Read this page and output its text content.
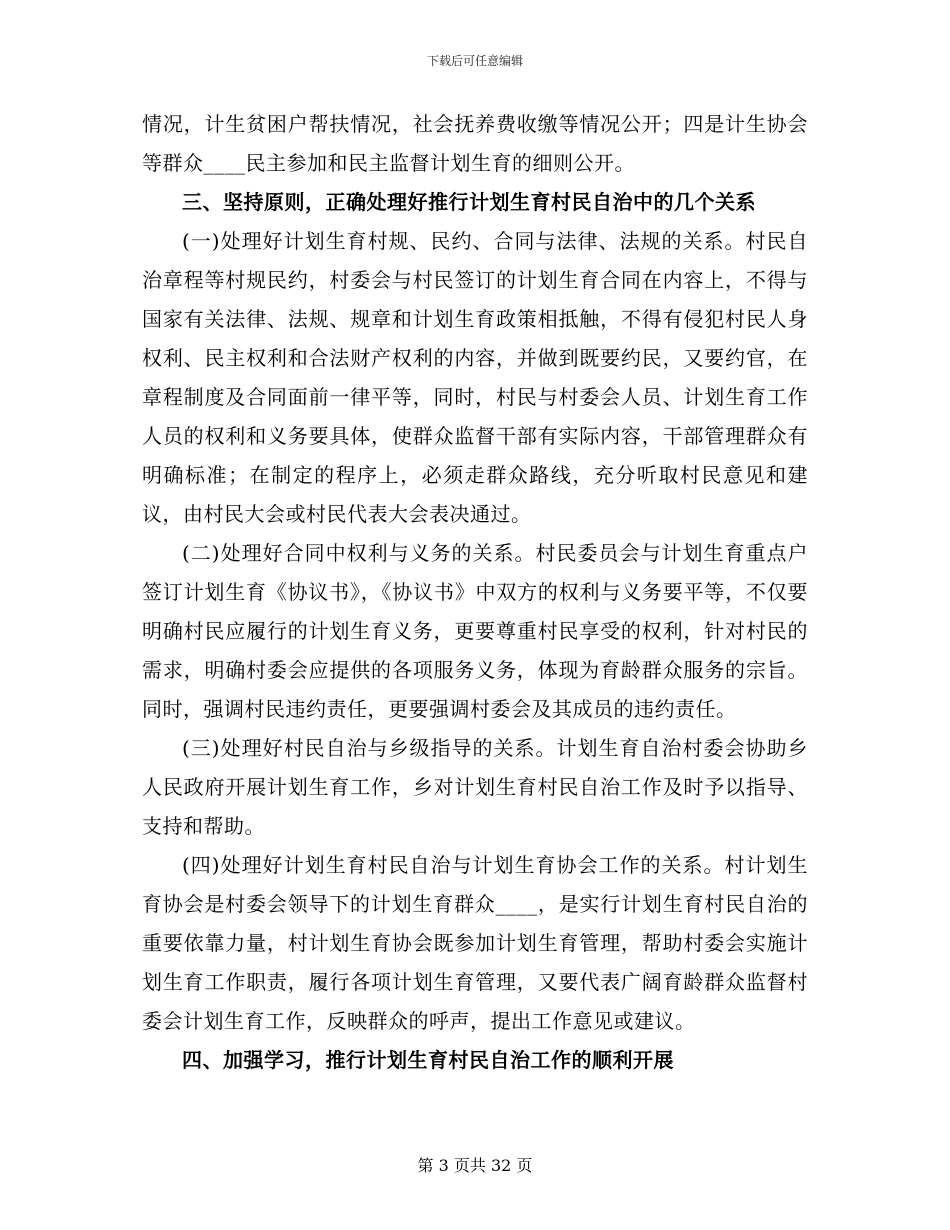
下载后可任意编辑

情况，计生贫困户帮扶情况，社会抚养费收缴等情况公开；四是计生协会等群众____民主参加和民主监督计划生育的细则公开。

三、坚持原则，正确处理好推行计划生育村民自治中的几个关系

(一)处理好计划生育村规、民约、合同与法律、法规的关系。村民自治章程等村规民约，村委会与村民签订的计划生育合同在内容上，不得与国家有关法律、法规、规章和计划生育政策相抵触，不得有侵犯村民人身权利、民主权利和合法财产权利的内容，并做到既要约民，又要约官，在章程制度及合同面前一律平等，同时，村民与村委会人员、计划生育工作人员的权利和义务要具体，使群众监督干部有实际内容，干部管理群众有明确标准；在制定的程序上，必须走群众路线，充分听取村民意见和建议，由村民大会或村民代表大会表决通过。

(二)处理好合同中权利与义务的关系。村民委员会与计划生育重点户签订计划生育《协议书》，《协议书》中双方的权利与义务要平等，不仅要明确村民应履行的计划生育义务，更要尊重村民享受的权利，针对村民的需求，明确村委会应提供的各项服务义务，体现为育龄群众服务的宗旨。同时，强调村民违约责任，更要强调村委会及其成员的违约责任。

(三)处理好村民自治与乡级指导的关系。计划生育自治村委会协助乡人民政府开展计划生育工作，乡对计划生育村民自治工作及时予以指导、支持和帮助。

(四)处理好计划生育村民自治与计划生育协会工作的关系。村计划生育协会是村委会领导下的计划生育群众____，是实行计划生育村民自治的重要依靠力量，村计划生育协会既参加计划生育管理，帮助村委会实施计划生育工作职责，履行各项计划生育管理，又要代表广阔育龄群众监督村委会计划生育工作，反映群众的呼声，提出工作意见或建议。

四、加强学习，推行计划生育村民自治工作的顺利开展

第 3 页共 32 页
